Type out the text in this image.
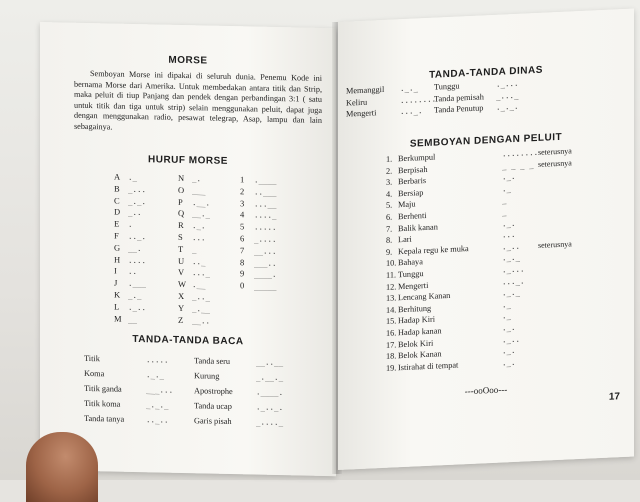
MORSE

Semboyan Morse ini dipakai di seluruh dunia. Penemu Kode ini bernama Morse dari Amerika. Untuk membedakan antara titik dan Strip, maka peluit di tiup Panjang dan pendek dengan perbandingan 3:1 ( satu untuk titik dan tiga untuk strip) selain menggunakan peluit, dapat juga dengan menggunakan radio, pesawat telegrap, Asap, lampu dan lain sebagainya.

HURUF MORSE
A	._
B	_...
C	_._.
D	_..
E	.
F	.._.
G	__.
H	....
I	..
J	.___
K	_._
L	._..
M __
N	_.
O	___
P	.__.
Q	__._
R	._.
S	...
T	_
U	.._
V	..._
W .__
X	_.._
Y	_.__
Z	__..
1	.____
2	..___
3	...__
4	...._
5	.....
6	_....
7	__...
8	___..
9	____.
0	_____
TANDA-TANDA BACA
Titik	.....
Koma	._._
Titik ganda	___...
Titik koma	_._._
Tanda tanya	.._..
Tanda seru	__..__
Kurung	_.__._
Apostrophe	.____.
Tanda ucap	._.._.
Garis pisah	_...._
TANDA-TANDA DINAS
Memanggil	._._
Keliru	........
Mengerti	..._.
Tunggu	._...
Tanda pemisah	_..._
Tanda Penutup	._._.
SEMBOYAN DENGAN PELUIT
1. Berkumpul	........ seterusnya
2. Berpisah	_ _ _ _ seterusnya
3. Berbaris	._.
4. Bersiap	._
5. Maju	_
6. Berhenti	_
7. Balik kanan	._.
8. Lari	...
9. Kepala regu ke muka	._..	seterusnya
10. Bahaya	._._
11. Tunggu	._...
12. Mengerti	..._.
13. Lencang Kanan	._._
14. Berhitung	._
15. Hadap Kiri	._
16. Hadap kanan	._.
17. Belok Kiri	._..
18. Belok Kanan	._.
19. Istirahat di tempat	._.
---ooOoo---
17
